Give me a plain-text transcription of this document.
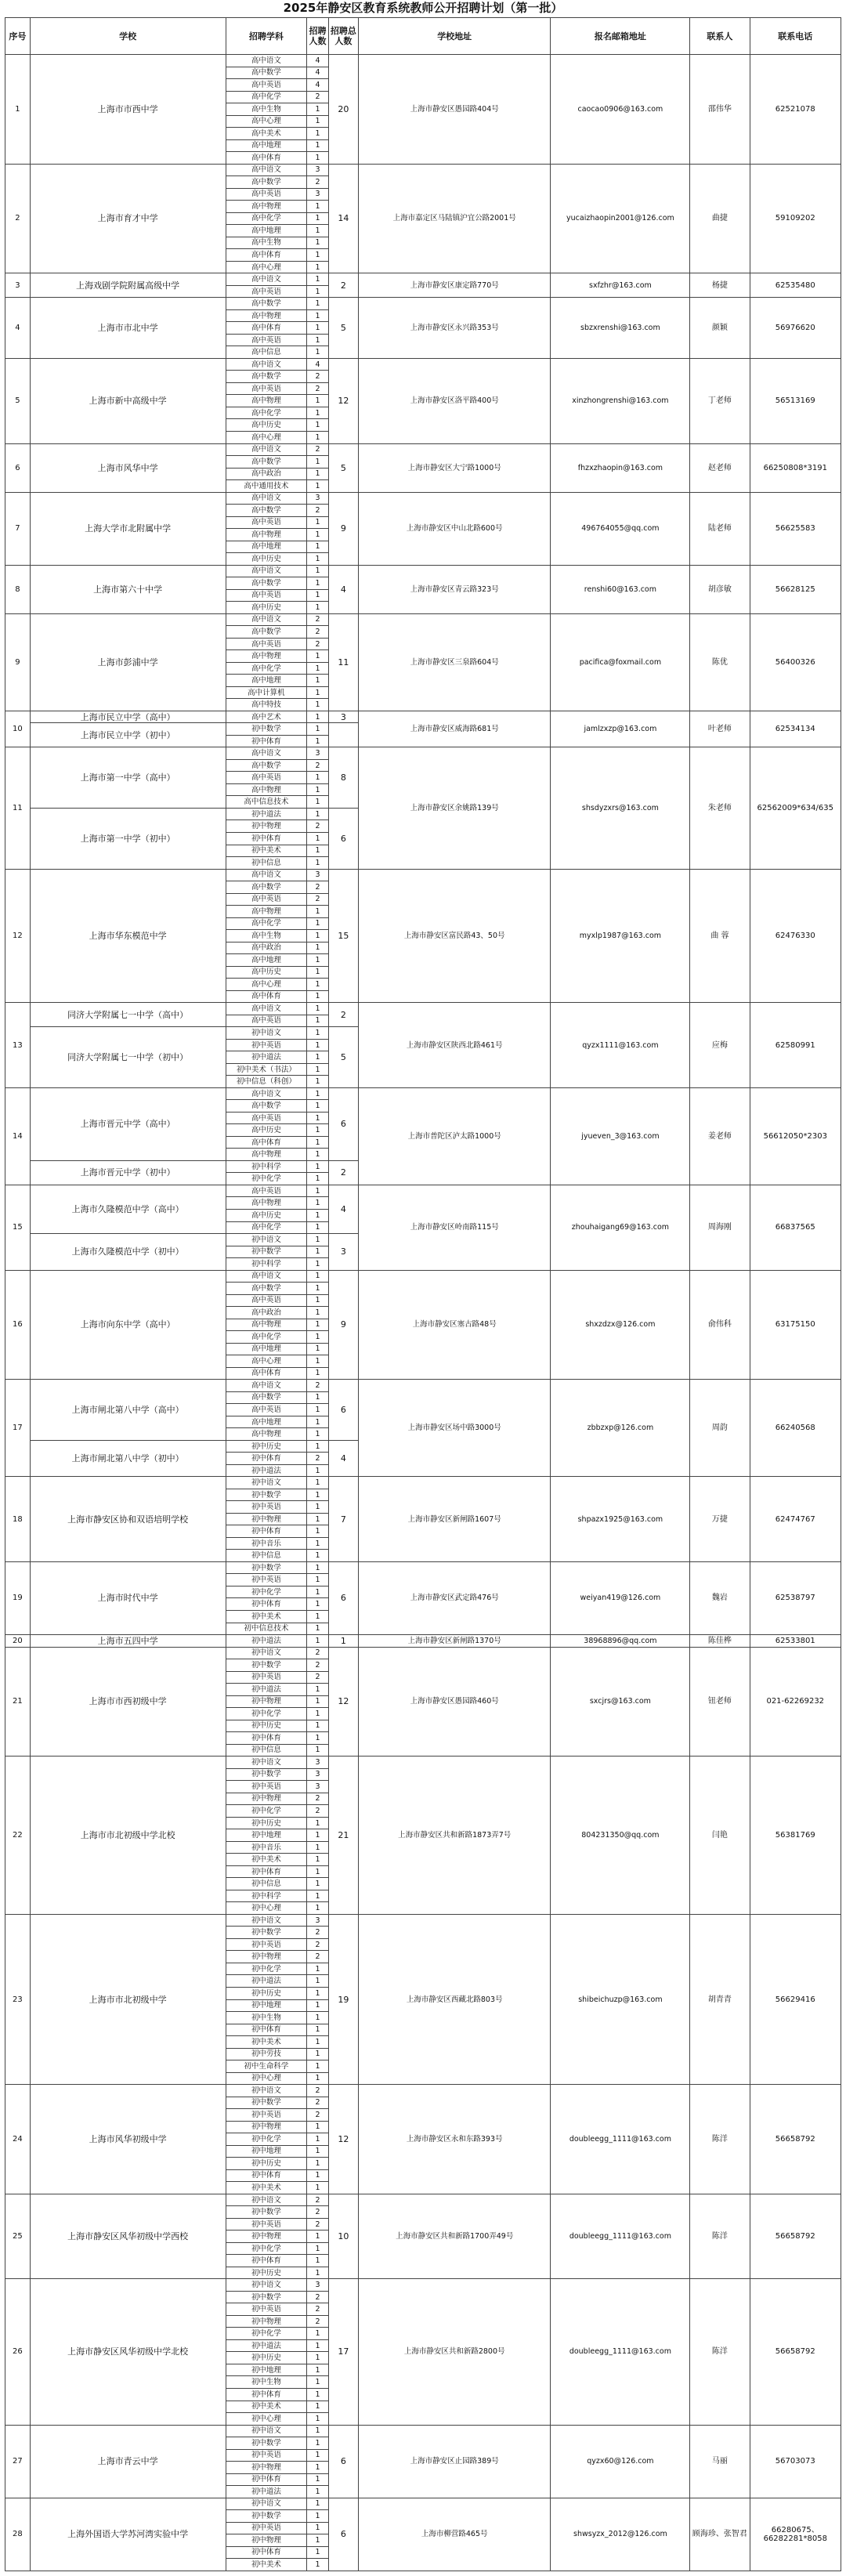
2025年静安区教育系统教师公开招聘计划（第一批）
序号	学校	招聘学科	招聘人数	招聘总人数	学校地址	报名邮箱地址	联系人	联系电话
1	上海市市西中学	高中语文	4	20	上海市静安区愚园路404号	caocao0906@163.com	邵伟华	62521078
		高中数学	4					
		高中英语	4					
		高中化学	2					
		高中生物	1					
		高中心理	1					
		高中美术	1					
		高中地理	1					
		高中体育	1					
2	上海市育才中学	高中语文	3	14	上海市嘉定区马陆镇沪宜公路2001号	yucaizhaopin2001@126.com	曲捷	59109202
		高中数学	2					
		高中英语	3					
		高中物理	1					
		高中化学	1					
		高中地理	1					
		高中生物	1					
		高中体育	1					
		高中心理	1					
3	上海戏剧学院附属高级中学	高中语文	1	2	上海市静安区康定路770号	sxfzhr@163.com	杨捷	62535480
		高中英语	1					
4	上海市市北中学	高中数学	1	5	上海市静安区永兴路353号	sbzxrenshi@163.com	颜颖	56976620
		高中物理	1					
		高中体育	1					
		高中英语	1					
		高中信息	1					
5	上海市新中高级中学	高中语文	4	12	上海市静安区洛平路400号	xinzhongrenshi@163.com	丁老师	56513169
		高中数学	2					
		高中英语	2					
		高中物理	1					
		高中化学	1					
		高中历史	1					
		高中心理	1					
6	上海市风华中学	高中语文	2	5	上海市静安区大宁路1000号	fhzxzhaopin@163.com	赵老师	66250808*3191
		高中数学	1					
		高中政治	1					
		高中通用技术	1					
7	上海大学市北附属中学	高中语文	3	9	上海市静安区中山北路600号	496764055@qq.com	陆老师	56625583
		高中数学	2					
		高中英语	1					
		高中物理	1					
		高中地理	1					
		高中历史	1					
8	上海市第六十中学	高中语文	1	4	上海市静安区青云路323号	renshi60@163.com	胡彦敏	56628125
		高中数学	1					
		高中英语	1					
		高中历史	1					
9	上海市彭浦中学	高中语文	2	11	上海市静安区三泉路604号	pacifica@foxmail.com	陈优	56400326
		高中数学	2					
		高中英语	2					
		高中物理	1					
		高中化学	1					
		高中地理	1					
		高中计算机	1					
		高中特技	1					
10	上海市民立中学（高中）	高中艺术	1	3	上海市静安区威海路681号	jamlzxzp@163.com	叶老师	62534134
	上海市民立中学（初中）	初中数学	1					
		初中体育	1					
11	上海市第一中学（高中）	高中语文	3	8	上海市静安区余姚路139号	shsdyzxrs@163.com	朱老师	62562009*634/635
		高中数学	2					
		高中英语	1					
		高中物理	1					
		高中信息技术	1					
	上海市第一中学（初中）	初中道法	1	6				
		初中物理	2					
		初中体育	1					
		初中美术	1					
		初中信息	1					
12	上海市华东模范中学	高中语文	3	15	上海市静安区富民路43、50号	myxlp1987@163.com	曲 蓉	62476330
		高中数学	2					
		高中英语	2					
		高中物理	1					
		高中化学	1					
		高中生物	1					
		高中政治	1					
		高中地理	1					
		高中历史	1					
		高中心理	1					
		高中体育	1					
13	同济大学附属七一中学（高中）	高中语文	1	2	上海市静安区陕西北路461号	qyzx1111@163.com	应梅	62580991
		高中英语	1					
	同济大学附属七一中学（初中）	初中语文	1	5				
		初中英语	1					
		初中道法	1					
		初中美术（书法）	1					
		初中信息（科创）	1					
14	上海市晋元中学（高中）	高中语文	1	6	上海市普陀区泸太路1000号	jyueven_3@163.com	姜老师	56612050*2303
		高中数学	1					
		高中英语	1					
		高中历史	1					
		高中体育	1					
		高中物理	1					
	上海市晋元中学（初中）	初中科学	1	2				
		初中化学	1					
15	上海市久隆模范中学（高中）	高中英语	1	4	上海市静安区岭南路115号	zhouhaigang69@163.com	周海刚	66837565
		高中物理	1					
		高中历史	1					
		高中化学	1					
	上海市久隆模范中学（初中）	初中语文	1	3				
		初中数学	1					
		初中科学	1					
16	上海市向东中学（高中）	高中语文	1	9	上海市静安区塞古路48号	shxzdzx@126.com	俞伟科	63175150
		高中数学	1					
		高中英语	1					
		高中政治	1					
		高中物理	1					
		高中化学	1					
		高中地理	1					
		高中心理	1					
		高中体育	1					
17	上海市闸北第八中学（高中）	高中语文	2	6	上海市静安区场中路3000号	zbbzxp@126.com	周韵	66240568
		高中数学	1					
		高中英语	1					
		高中地理	1					
		高中物理	1					
	上海市闸北第八中学（初中）	初中历史	1	4				
		初中体育	2					
		初中道法	1					
18	上海市静安区协和双语培明学校	初中语文	1	7	上海市静安区新闸路1607号	shpazx1925@163.com	万捷	62474767
		初中数学	1					
		初中英语	1					
		初中物理	1					
		初中体育	1					
		初中音乐	1					
		初中信息	1					
19	上海市时代中学	初中数学	1	6	上海市静安区武定路476号	weiyan419@126.com	魏岩	62538797
		初中英语	1					
		初中化学	1					
		初中体育	1					
		初中美术	1					
		初中信息技术	1					
20	上海市五四中学	初中道法	1	1	上海市静安区新闸路1370号	38968896@qq.com	陈佳桦	62533801
21	上海市市西初级中学	初中语文	2	12	上海市静安区愚园路460号	sxcjrs@163.com	钮老师	021-62269232
		初中数学	2					
		初中英语	2					
		初中道法	1					
		初中物理	1					
		初中化学	1					
		初中历史	1					
		初中体育	1					
		初中信息	1					
22	上海市市北初级中学北校	初中语文	3	21	上海市静安区共和新路1873弄7号	804231350@qq.com	闫艳	56381769
		初中数学	3					
		初中英语	3					
		初中物理	2					
		初中化学	2					
		初中历史	1					
		初中地理	1					
		初中音乐	1					
		初中美术	1					
		初中体育	1					
		初中信息	1					
		初中科学	1					
		初中心理	1					
23	上海市市北初级中学	初中语文	3	19	上海市静安区西藏北路803号	shibeichuzp@163.com	胡青青	56629416
		初中数学	2					
		初中英语	2					
		初中物理	2					
		初中化学	1					
		初中道法	1					
		初中历史	1					
		初中地理	1					
		初中生物	1					
		初中体育	1					
		初中美术	1					
		初中劳技	1					
		初中生命科学	1					
		初中心理	1					
24	上海市风华初级中学	初中语文	2	12	上海市静安区永和东路393号	doubleegg_1111@163.com	陈洋	56658792
		初中数学	2					
		初中英语	2					
		初中物理	1					
		初中化学	1					
		初中地理	1					
		初中历史	1					
		初中体育	1					
		初中美术	1					
25	上海市静安区风华初级中学西校	初中语文	2	10	上海市静安区共和新路1700弄49号	doubleegg_1111@163.com	陈洋	56658792
		初中数学	2					
		初中英语	2					
		初中物理	1					
		初中化学	1					
		初中体育	1					
		初中历史	1					
26	上海市静安区风华初级中学北校	初中语文	3	17	上海市静安区共和新路2800号	doubleegg_1111@163.com	陈洋	56658792
		初中数学	2					
		初中英语	2					
		初中物理	2					
		初中化学	1					
		初中道法	1					
		初中历史	1					
		初中地理	1					
		初中生物	1					
		初中体育	1					
		初中美术	1					
		初中心理	1					
27	上海市青云中学	初中语文	1	6	上海市静安区止园路389号	qyzx60@126.com	马丽	56703073
		初中数学	1					
		初中英语	1					
		初中物理	1					
		初中体育	1					
		初中道法	1					
28	上海外国语大学苏河湾实验中学	初中语文	1	6	上海市柳营路465号	shwsyzx_2012@126.com	顾海珍、张智君	66280675、66282281*8058
		初中数学	1					
		初中英语	1					
		初中物理	1					
		初中体育	1					
		初中美术	1					
